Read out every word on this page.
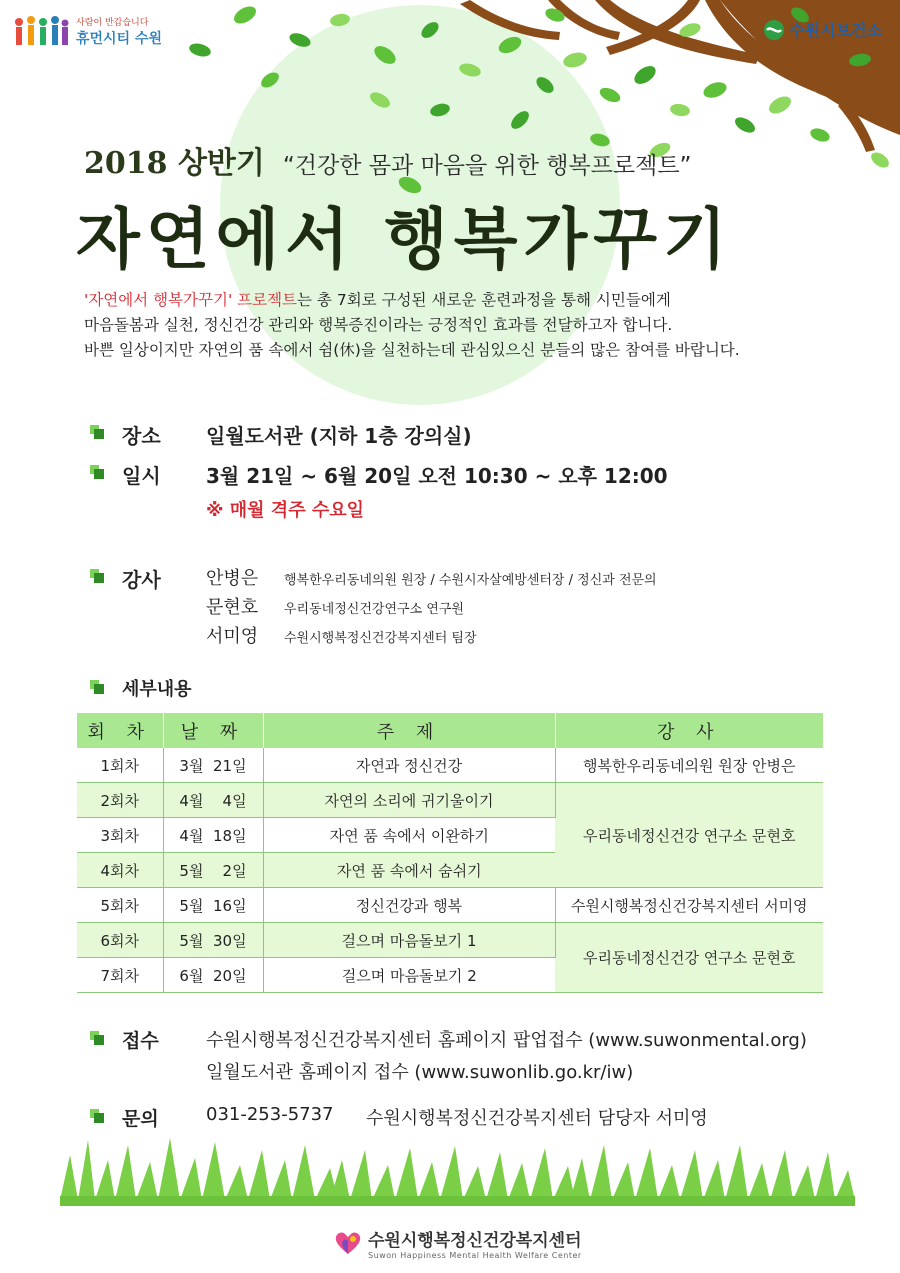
사람이 반갑습니다
휴먼시티 수원	수원시보건소
2018 상반기 “건강한 몸과 마음을 위한 행복프로젝트”
자연에서 행복가꾸기
'자연에서 행복가꾸기' 프로젝트는 총 7회로 구성된 새로운 훈련과정을 통해 시민들에게
마음돌봄과 실천, 정신건강 관리와 행복증진이라는 긍정적인 효과를 전달하고자 합니다.
바쁜 일상이지만 자연의 품 속에서 쉼(休)을 실천하는데 관심있으신 분들의 많은 참여를 바랍니다.
장소 일월도서관 (지하 1층 강의실)
일시 3월 21일 ~ 6월 20일 오전 10:30 ~ 오후 12:00
※ 매월 격주 수요일
강사	안병은 행복한우리동네의원 원장 / 수원시자살예방센터장 / 정신과 전문의
문현호 우리동네정신건강연구소 연구원
서미영 수원시행복정신건강복지센터 팀장
세부내용
회 차	날 짜	주 제	강 사
1회차	3월  21일	자연과 정신건강	행복한우리동네의원 원장 안병은
2회차	4월    4일	자연의 소리에 귀기울이기	우리동네정신건강 연구소 문현호
3회차	4월  18일	자연 품 속에서 이완하기	
4회차	5월    2일	자연 품 속에서 숨쉬기	
5회차	5월  16일	정신건강과 행복	수원시행복정신건강복지센터 서미영
6회차	5월  30일	걸으며 마음돌보기 1	우리동네정신건강 연구소 문현호
7회차	6월  20일	걸으며 마음돌보기 2	
접수	수원시행복정신건강복지센터 홈페이지 팝업접수 (www.suwonmental.org)
일월도서관 홈페이지 접수 (www.suwonlib.go.kr/iw)
문의	031-253-5737 수원시행복정신건강복지센터 담당자 서미영
수원시행복정신건강복지센터
Suwon Happiness Mental Health Welfare Center
